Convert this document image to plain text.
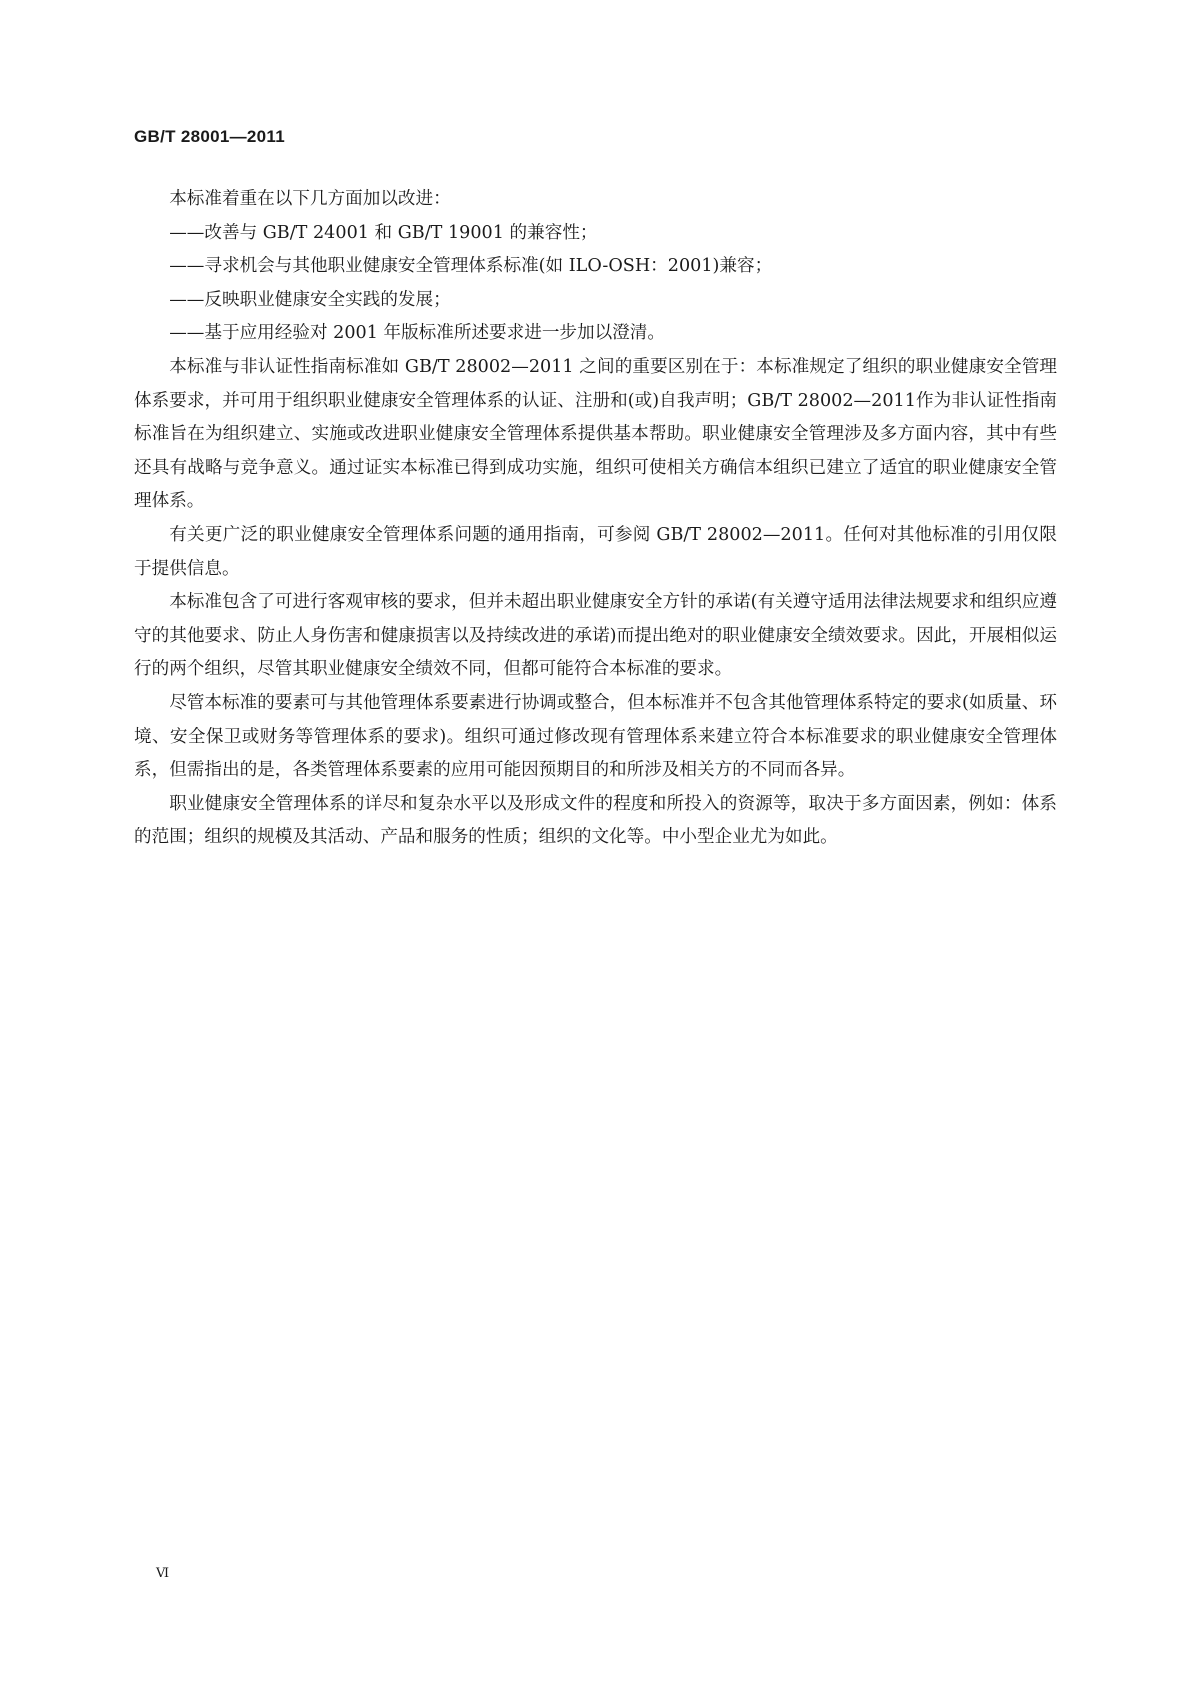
GB/T 28001—2011

本标准着重在以下几方面加以改进：

——改善与 GB/T 24001 和 GB/T 19001 的兼容性；

——寻求机会与其他职业健康安全管理体系标准(如 ILO-OSH：2001)兼容；

——反映职业健康安全实践的发展；

——基于应用经验对 2001 年版标准所述要求进一步加以澄清。

本标准与非认证性指南标准如 GB/T 28002—2011 之间的重要区别在于：本标准规定了组织的职业健康安全管理体系要求，并可用于组织职业健康安全管理体系的认证、注册和(或)自我声明；GB/T 28002—2011作为非认证性指南标准旨在为组织建立、实施或改进职业健康安全管理体系提供基本帮助。职业健康安全管理涉及多方面内容，其中有些还具有战略与竞争意义。通过证实本标准已得到成功实施，组织可使相关方确信本组织已建立了适宜的职业健康安全管理体系。

有关更广泛的职业健康安全管理体系问题的通用指南，可参阅 GB/T 28002—2011。任何对其他标准的引用仅限于提供信息。

本标准包含了可进行客观审核的要求，但并未超出职业健康安全方针的承诺(有关遵守适用法律法规要求和组织应遵守的其他要求、防止人身伤害和健康损害以及持续改进的承诺)而提出绝对的职业健康安全绩效要求。因此，开展相似运行的两个组织，尽管其职业健康安全绩效不同，但都可能符合本标准的要求。

尽管本标准的要素可与其他管理体系要素进行协调或整合，但本标准并不包含其他管理体系特定的要求(如质量、环境、安全保卫或财务等管理体系的要求)。组织可通过修改现有管理体系来建立符合本标准要求的职业健康安全管理体系，但需指出的是，各类管理体系要素的应用可能因预期目的和所涉及相关方的不同而各异。

职业健康安全管理体系的详尽和复杂水平以及形成文件的程度和所投入的资源等，取决于多方面因素，例如：体系的范围；组织的规模及其活动、产品和服务的性质；组织的文化等。中小型企业尤为如此。

Ⅵ
